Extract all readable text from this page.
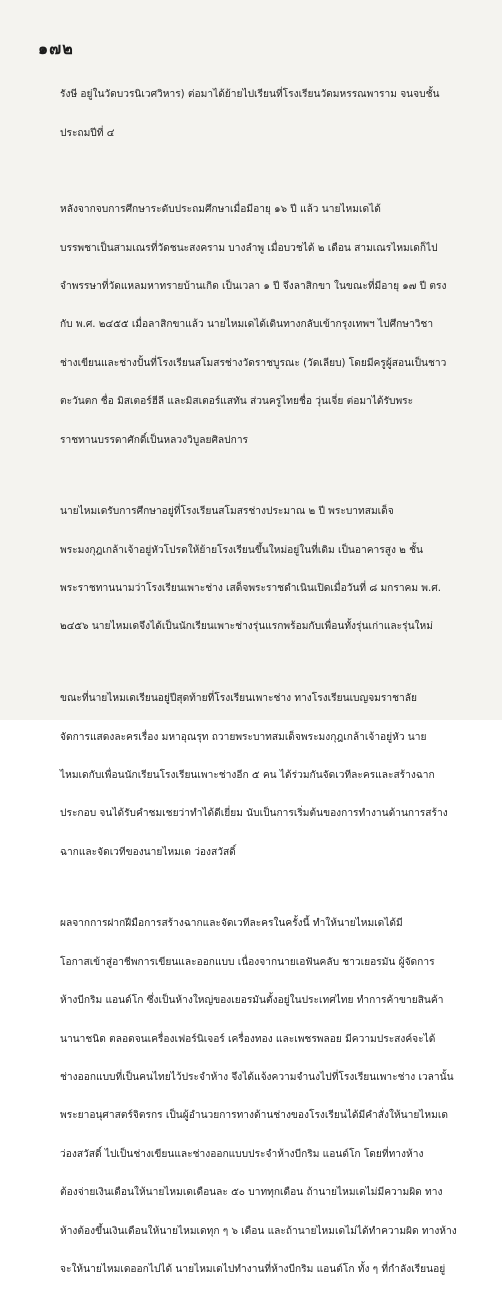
๑๗๒

รังษี อยู่ในวัดบวรนิเวศวิหาร) ต่อมาได้ย้ายไปเรียนที่โรงเรียนวัดมหรรณพาราม จนจบชั้น

ประถมปีที่ ๔

หลังจากจบการศึกษาระดับประถมศึกษาเมื่อมีอายุ ๑๖ ปี แล้ว นายไหมเดได้

บรรพชาเป็นสามเณรที่วัดชนะสงคราม บางลำพู เมื่อบวชได้ ๒ เดือน สามเณรไหมเดก็ไป

จำพรรษาที่วัดแหลมหาทรายบ้านเกิด เป็นเวลา ๑ ปี จึงลาสิกขา ในขณะที่มีอายุ ๑๗ ปี ตรง

กับ พ.ศ. ๒๔๕๕ เมื่อลาสิกขาแล้ว นายไหมเดได้เดินทางกลับเข้ากรุงเทพฯ ไปศึกษาวิชา

ช่างเขียนและช่างปั้นที่โรงเรียนสโมสรช่างวัดราชบูรณะ (วัดเลียบ) โดยมีครูผู้สอนเป็นชาว

ตะวันตก ชื่อ มิสเตอร์ฮีลี และมิสเตอร์แสทัน ส่วนครูไทยชื่อ วุ่นเจี่ย ต่อมาได้รับพระ

ราชทานบรรดาศักดิ์เป็นหลวงวิบูลยศิลปการ

นายไหมเดรับการศึกษาอยู่ที่โรงเรียนสโมสรช่างประมาณ ๒ ปี พระบาทสมเด็จ

พระมงกุฎเกล้าเจ้าอยู่หัวโปรดให้ย้ายโรงเรียนขึ้นใหม่อยู่ในที่เดิม เป็นอาคารสูง ๒ ชั้น

พระราชทานนามว่าโรงเรียนเพาะช่าง เสด็จพระราชดำเนินเปิดเมื่อวันที่ ๘ มกราคม พ.ศ.

๒๔๕๖ นายไหมเดจึงได้เป็นนักเรียนเพาะช่างรุ่นแรกพร้อมกับเพื่อนทั้งรุ่นเก่าและรุ่นใหม่

ขณะที่นายไหมเดเรียนอยู่ปีสุดท้ายที่โรงเรียนเพาะช่าง ทางโรงเรียนเบญจมราชาลัย

จัดการแสดงละครเรื่อง มหาอุณรุท ถวายพระบาทสมเด็จพระมงกุฎเกล้าเจ้าอยู่หัว นาย

ไหมเดกับเพื่อนนักเรียนโรงเรียนเพาะช่างอีก ๕ คน ได้ร่วมกันจัดเวทีละครและสร้างฉาก

ประกอบ จนได้รับคำชมเชยว่าทำได้ดีเยี่ยม นับเป็นการเริ่มต้นของการทำงานด้านการสร้าง

ฉากและจัดเวทีของนายไหมเด ว่องสวัสดิ์

ผลจากการฝากฝีมือการสร้างฉากและจัดเวทีละครในครั้งนี้ ทำให้นายไหมเดได้มี

โอกาสเข้าสู่อาชีพการเขียนและออกแบบ เนื่องจากนายเอฟันคลับ ชาวเยอรมัน ผู้จัดการ

ห้างบีกริม แอนด์โก ซึ่งเป็นห้างใหญ่ของเยอรมันตั้งอยู่ในประเทศไทย ทำการค้าขายสินค้า

นานาชนิด ตลอดจนเครื่องเฟอร์นิเจอร์ เครื่องทอง และเพชรพลอย มีความประสงค์จะได้

ช่างออกแบบที่เป็นคนไทยไว้ประจำห้าง จึงได้แจ้งความจำนงไปที่โรงเรียนเพาะช่าง เวลานั้น

พระยาอนุศาสตร์จิตรกร เป็นผู้อำนวยการทางด้านช่างของโรงเรียนได้มีคำสั่งให้นายไหมเด

ว่องสวัสดิ์ ไปเป็นช่างเขียนและช่างออกแบบประจำห้างบีกริม แอนด์โก โดยที่ทางห้าง

ต้องจ่ายเงินเดือนให้นายไหมเดเดือนละ ๕๐ บาททุกเดือน ถ้านายไหมเดไม่มีความผิด ทาง

ห้างต้องขึ้นเงินเดือนให้นายไหมเดทุก ๆ ๖ เดือน และถ้านายไหมเดไม่ได้ทำความผิด ทางห้าง

จะให้นายไหมเดออกไปได้ นายไหมเดไปทำงานที่ห้างบีกริม แอนด์โก ทั้ง ๆ ที่กำลังเรียนอยู่
